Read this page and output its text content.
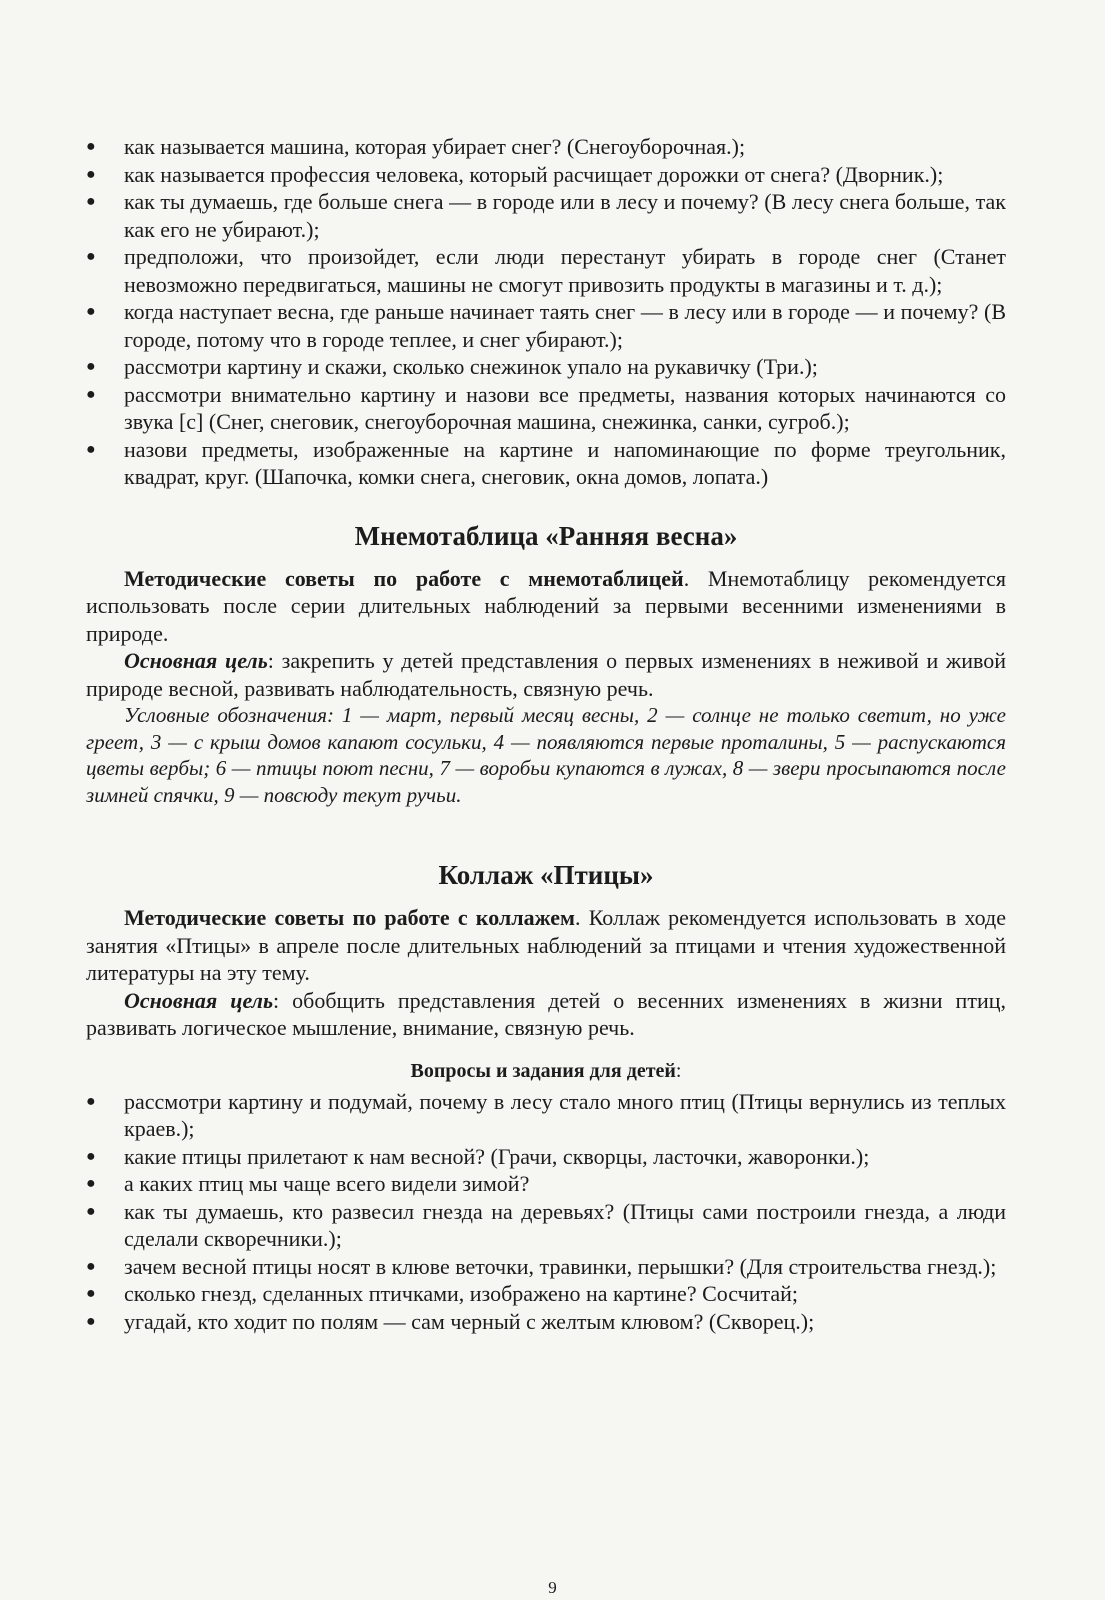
● как называется машина, которая убирает снег? (Снегоуборочная.);
● как называется профессия человека, который расчищает дорожки от снега? (Дворник.);
● как ты думаешь, где больше снега — в городе или в лесу и почему? (В лесу снега больше, так как его не убирают.);
● предположи, что произойдет, если люди перестанут убирать в городе снег (Станет невозможно передвигаться, машины не смогут привозить продукты в магазины и т. д.);
● когда наступает весна, где раньше начинает таять снег — в лесу или в городе — и почему? (В городе, потому что в городе теплее, и снег убирают.);
● рассмотри картину и скажи, сколько снежинок упало на рукавичку (Три.);
● рассмотри внимательно картину и назови все предметы, названия которых начинаются со звука [с] (Снег, снеговик, снегоуборочная машина, снежинка, санки, сугроб.);
● назови предметы, изображенные на картине и напоминающие по форме треугольник, квадрат, круг. (Шапочка, комки снега, снеговик, окна домов, лопата.)
Мнемотаблица «Ранняя весна»

Методические советы по работе с мнемотаблицей. Мнемотаблицу рекомендуется использовать после серии длительных наблюдений за первыми весенними изменениями в природе.

Основная цель: закрепить у детей представления о первых изменениях в неживой и живой природе весной, развивать наблюдательность, связную речь.

Условные обозначения: 1 — март, первый месяц весны, 2 — солнце не только светит, но уже греет, 3 — с крыш домов капают сосульки, 4 — появляются первые проталины, 5 — распускаются цветы вербы; 6 — птицы поют песни, 7 — воробьи купаются в лужах, 8 — звери просыпаются после зимней спячки, 9 — повсюду текут ручьи.

Коллаж «Птицы»

Методические советы по работе с коллажем. Коллаж рекомендуется использовать в ходе занятия «Птицы» в апреле после длительных наблюдений за птицами и чтения художественной литературы на эту тему.

Основная цель: обобщить представления детей о весенних изменениях в жизни птиц, развивать логическое мышление, внимание, связную речь.

Вопросы и задания для детей:
● рассмотри картину и подумай, почему в лесу стало много птиц (Птицы вернулись из теплых краев.);
● какие птицы прилетают к нам весной? (Грачи, скворцы, ласточки, жаворонки.);
● а каких птиц мы чаще всего видели зимой?
● как ты думаешь, кто развесил гнезда на деревьях? (Птицы сами построили гнезда, а люди сделали скворечники.);
● зачем весной птицы носят в клюве веточки, травинки, перышки? (Для строительства гнезд.);
● сколько гнезд, сделанных птичками, изображено на картине? Сосчитай;
● угадай, кто ходит по полям — сам черный с желтым клювом? (Скворец.);
9
